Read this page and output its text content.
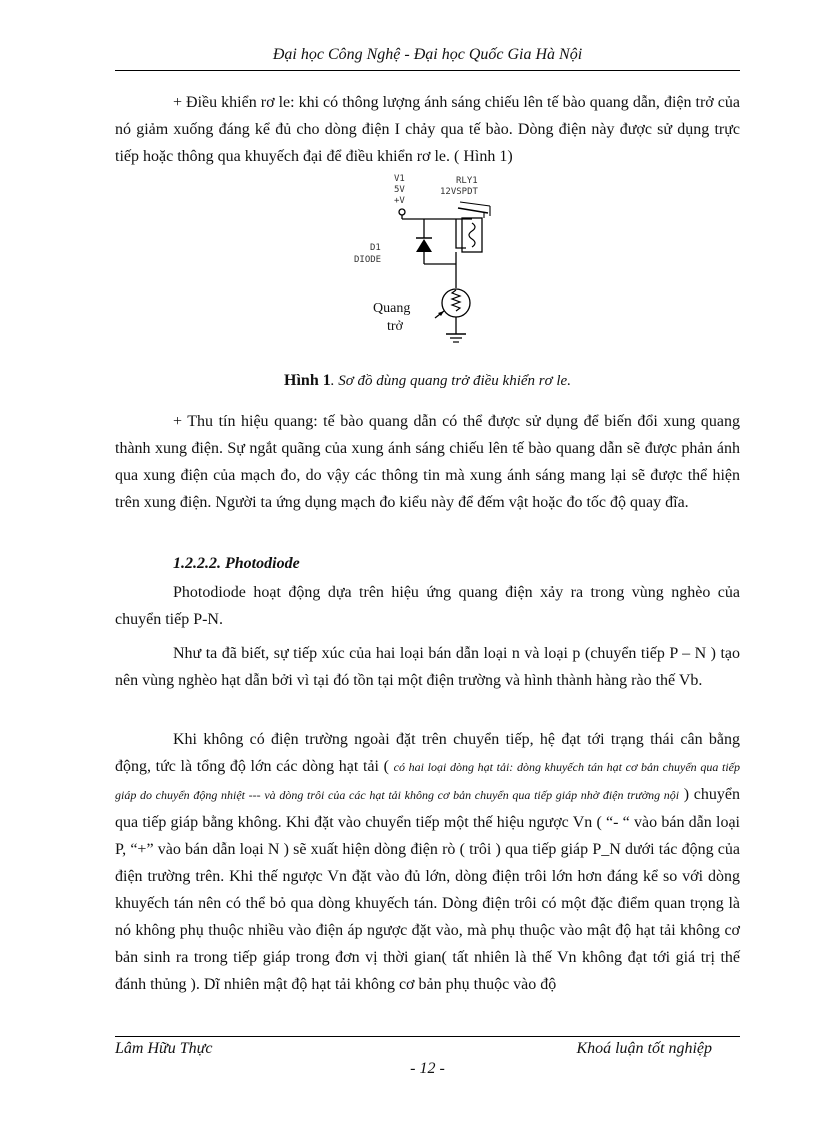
Đại học Công Nghệ - Đại học Quốc Gia Hà Nội

+ Điều khiển rơ le: khi có thông lượng ánh sáng chiếu lên tế bào quang dẫn, điện trở của nó giảm xuống đáng kể đủ cho dòng điện I chảy qua tế bào. Dòng điện này được sử dụng trực tiếp hoặc thông qua khuyếch đại để điều khiển rơ le. ( Hình 1)

V1
5V
+V
RLY1
12VSPDT
D1
DIODE
Quang
trở
Hình 1. Sơ đồ dùng quang trở điều khiển rơ le.

+ Thu tín hiệu quang: tế bào quang dẫn có thể được sử dụng để biến đổi xung quang thành xung điện. Sự ngắt quãng của xung ánh sáng chiếu lên tế bào quang dẫn sẽ được phản ánh qua xung điện của mạch đo, do vậy các thông tin mà xung ánh sáng mang lại sẽ được thể hiện trên xung điện. Người ta ứng dụng mạch đo kiểu này để đếm vật hoặc đo tốc độ quay đĩa.

1.2.2.2. Photodiode

Photodiode hoạt động dựa trên hiệu ứng quang điện xảy ra trong vùng nghèo của chuyển tiếp P-N.

Như ta đã biết, sự tiếp xúc của hai loại bán dẫn loại n và loại p (chuyển tiếp P – N ) tạo nên vùng nghèo hạt dẫn bởi vì tại đó tồn tại một điện trường và hình thành hàng rào thế Vb.

Khi không có điện trường ngoài đặt trên chuyển tiếp, hệ đạt tới trạng thái cân bằng động, tức là tổng độ lớn các dòng hạt tải ( có hai loại dòng hạt tải: dòng khuyếch tán hạt cơ bản chuyển qua tiếp giáp do chuyển động nhiệt --- và dòng trôi của các hạt tải không cơ bản chuyển qua tiếp giáp nhờ điện trường nội ) chuyển qua tiếp giáp bằng không. Khi đặt vào chuyển tiếp một thế hiệu ngược Vn ( “- “ vào bán dẫn loại P, “+” vào bán dẫn loại N ) sẽ xuất hiện dòng điện rò ( trôi ) qua tiếp giáp P_N dưới tác động của điện trường trên. Khi thế ngược Vn đặt vào đủ lớn, dòng điện trôi lớn hơn đáng kể so với dòng khuyếch tán nên có thể bỏ qua dòng khuyếch tán. Dòng điện trôi có một đặc điểm quan trọng là nó không phụ thuộc nhiều vào điện áp ngược đặt vào, mà phụ thuộc vào mật độ hạt tải không cơ bản sinh ra trong tiếp giáp trong đơn vị thời gian( tất nhiên là thế Vn không đạt tới giá trị thế đánh thủng ). Dĩ nhiên mật độ hạt tải không cơ bản phụ thuộc vào độ

Lâm Hữu Thực	Khoá luận tốt nghiệp
- 12 -
